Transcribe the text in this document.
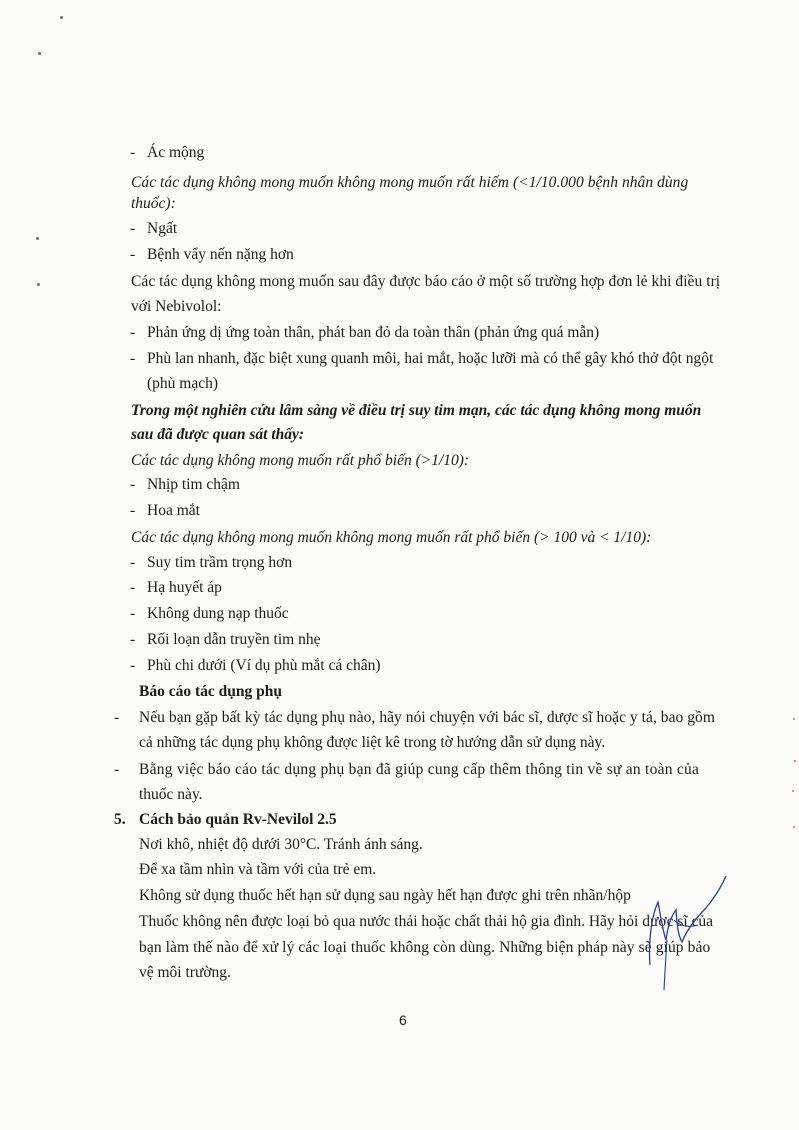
- Ác mộng
Các tác dụng không mong muốn không mong muốn rất hiếm (<1/10.000 bệnh nhân dùng
thuốc):
- Ngất
- Bệnh vẩy nến nặng hơn
Các tác dụng không mong muốn sau đây được báo cáo ở một số trường hợp đơn lẻ khi điều trị
với Nebivolol:
- Phản ứng dị ứng toàn thân, phát ban đỏ da toàn thân (phản ứng quá mẫn)
- Phù lan nhanh, đặc biệt xung quanh môi, hai mắt, hoặc lưỡi mà có thể gây khó thở đột ngột
(phù mạch)
Trong một nghiên cứu lâm sàng về điều trị suy tim mạn, các tác dụng không mong muốn
sau đã được quan sát thấy:
Các tác dụng không mong muốn rất phổ biến (>1/10):
- Nhịp tim chậm
- Hoa mắt
Các tác dụng không mong muốn không mong muốn rất phổ biến (> 100 và < 1/10):
- Suy tim trầm trọng hơn
- Hạ huyết áp
- Không dung nạp thuốc
- Rối loạn dẫn truyền tim nhẹ
- Phù chi dưới (Ví dụ phù mắt cá chân)
Báo cáo tác dụng phụ
- Nếu bạn gặp bất kỳ tác dụng phụ nào, hãy nói chuyện với bác sĩ, dược sĩ hoặc y tá, bao gồm
cả những tác dụng phụ không được liệt kê trong tờ hướng dẫn sử dụng này.
- Bằng việc báo cáo tác dụng phụ bạn đã giúp cung cấp thêm thông tin về sự an toàn của
thuốc này.
5. Cách bảo quản Rv-Nevilol 2.5
Nơi khô, nhiệt độ dưới 30°C. Tránh ánh sáng.
Để xa tầm nhìn và tầm với của trẻ em.
Không sử dụng thuốc hết hạn sử dụng sau ngày hết hạn được ghi trên nhãn/hộp
Thuốc không nên được loại bỏ qua nước thải hoặc chất thải hộ gia đình. Hãy hỏi dược sĩ của
bạn làm thế nào để xử lý các loại thuốc không còn dùng. Những biện pháp này sẽ giúp bảo
vệ môi trường.
6
